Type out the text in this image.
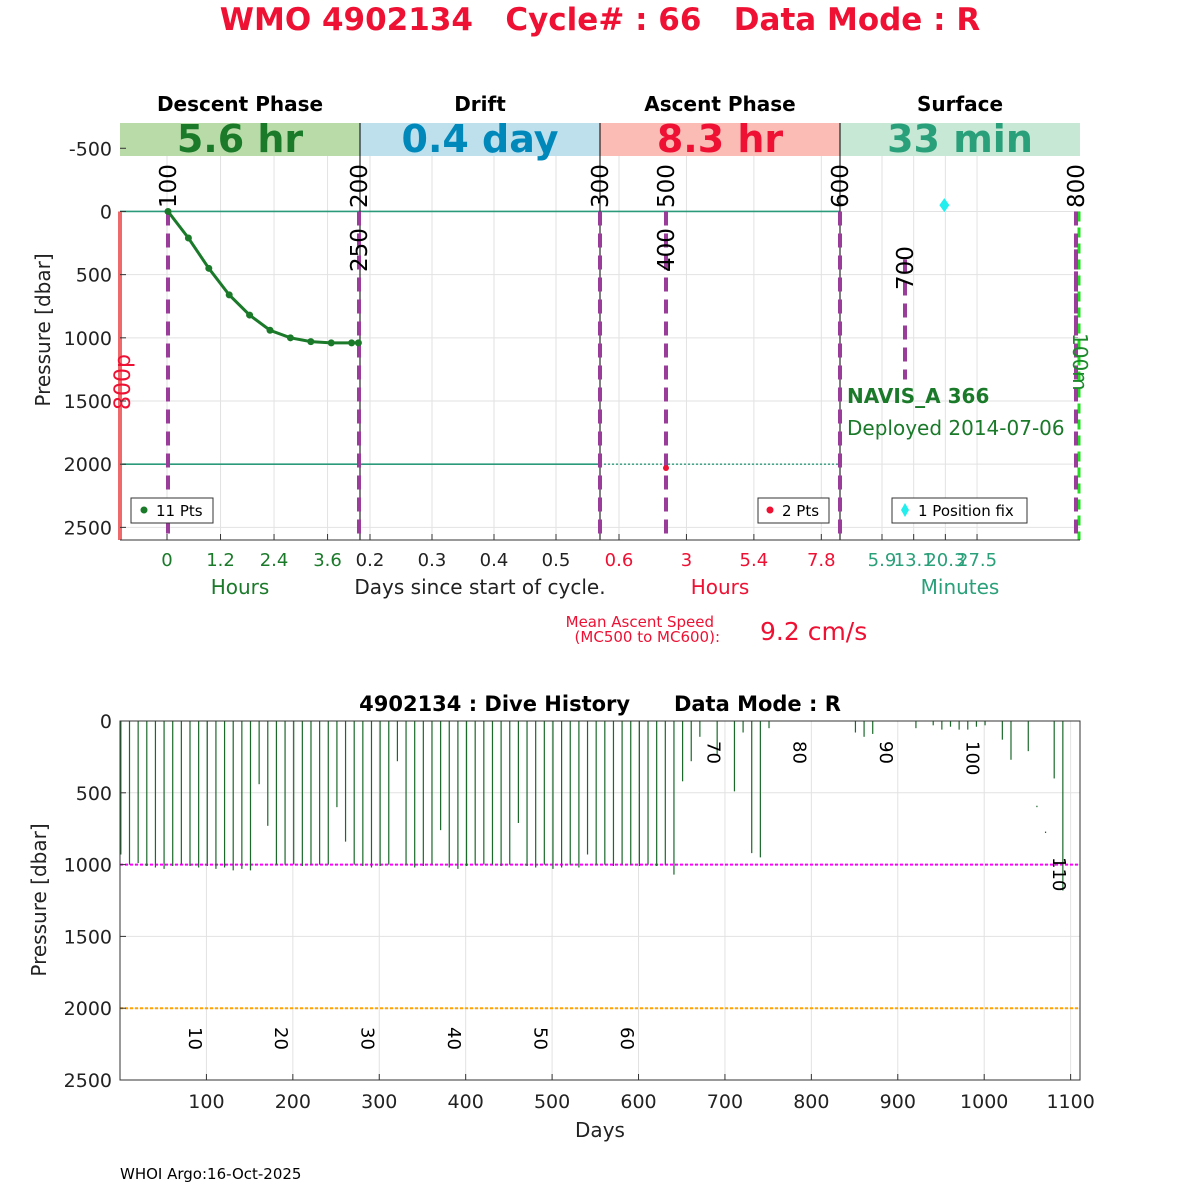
WMO 4902134   Cycle# : 66   Data Mode : R
Descent Phase
5.6 hr
0 1.2 2.4 3.6
Hours
Drift
0.4 day
0.2 0.3 0.4 0.5
Days since start of cycle.
Ascent Phase
8.3 hr
0.6	3	5.4 7.8
Hours
Surface
33 min
5.9
13.1
20.3
27.5
Minutes
100	200
250
300
400
500	600
700
800
800p	100m
NAVIS_A 366
Deployed 2014-07-06
11 Pts	2 Pts	1 Position fix
-500
0
500
1000
1500
2000
2500
Pressure [dbar]
Mean Ascent Speed
(MC500 to MC600): 9.2 cm/s
10	20	30	40	50	60
70	80	90	100
110
100	200	300	400	500	600	700	800	900 1000 1100
0
500
1000
1500
2000
2500
4902134 : Dive History      Data Mode : R
Days
Pressure [dbar]
WHOI Argo:16-Oct-2025
